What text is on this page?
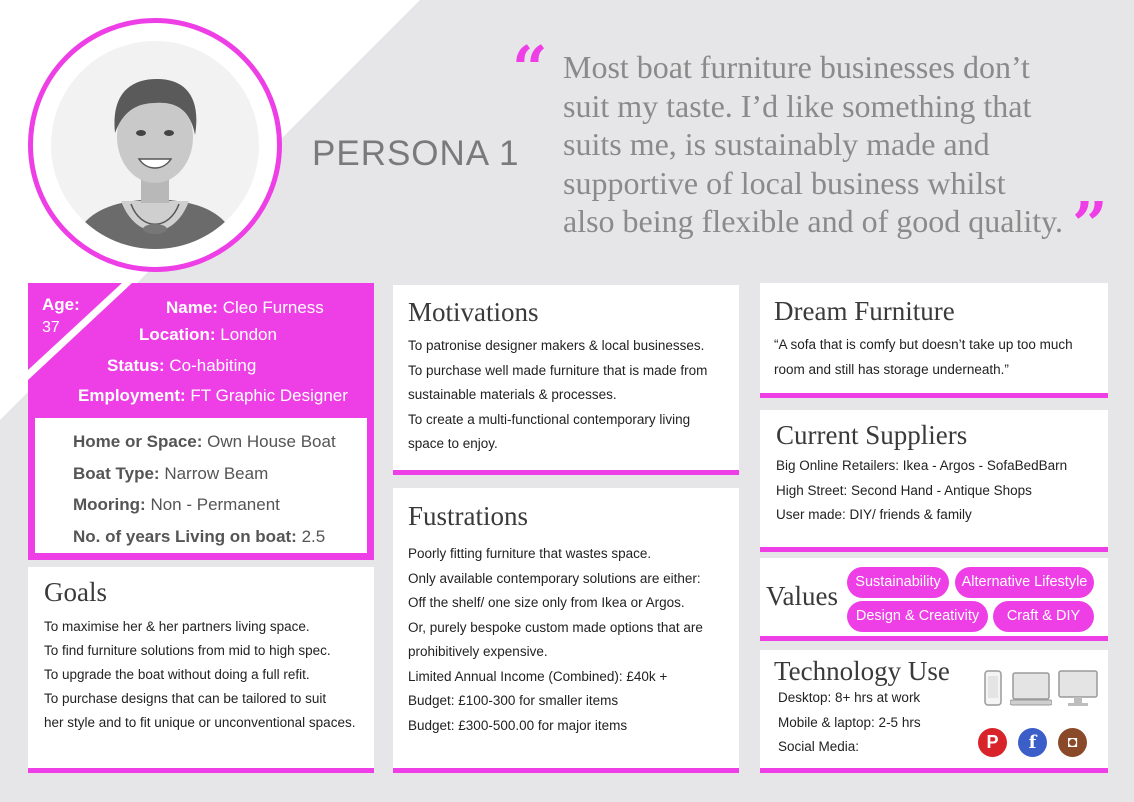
PERSONA 1
“ Most boat furniture businesses don’t
suit my taste. I’d like something that
suits me, is sustainably made and
supportive of local business whilst
also being flexible and of good quality. ”
Age:
37
Name: Cleo Furness
Location: London
Status: Co-habiting
Employment: FT Graphic Designer
Home or Space: Own House Boat
Boat Type: Narrow Beam
Mooring: Non - Permanent
No. of years Living on boat: 2.5
Goals
To maximise her & her partners living space.
To find furniture solutions from mid to high spec.
To upgrade the boat without doing a full refit.
To purchase designs that can be tailored to suit
her style and to fit unique or unconventional spaces.
Motivations
To patronise designer makers & local businesses.
To purchase well made furniture that is made from
sustainable materials & processes.
To create a multi-functional contemporary living
space to enjoy.
Fustrations
Poorly fitting furniture that wastes space.
Only available contemporary solutions are either:
Off the shelf/ one size only from Ikea or Argos.
Or, purely bespoke custom made options that are
prohibitively expensive.
Limited Annual Income (Combined): £40k +
Budget: £100-300 for smaller items
Budget: £300-500.00 for major items
Dream Furniture
“A sofa that is comfy but doesn’t take up too much
room and still has storage underneath.”
Current Suppliers
Big Online Retailers: Ikea - Argos - SofaBedBarn
High Street: Second Hand - Antique Shops
User made: DIY/ friends & family
Values	Sustainability	Alternative Lifestyle
Design & Creativity	Craft & DIY
Technology Use
Desktop: 8+ hrs at work
Mobile & laptop: 2-5 hrs
Social Media:	P	f	◘
